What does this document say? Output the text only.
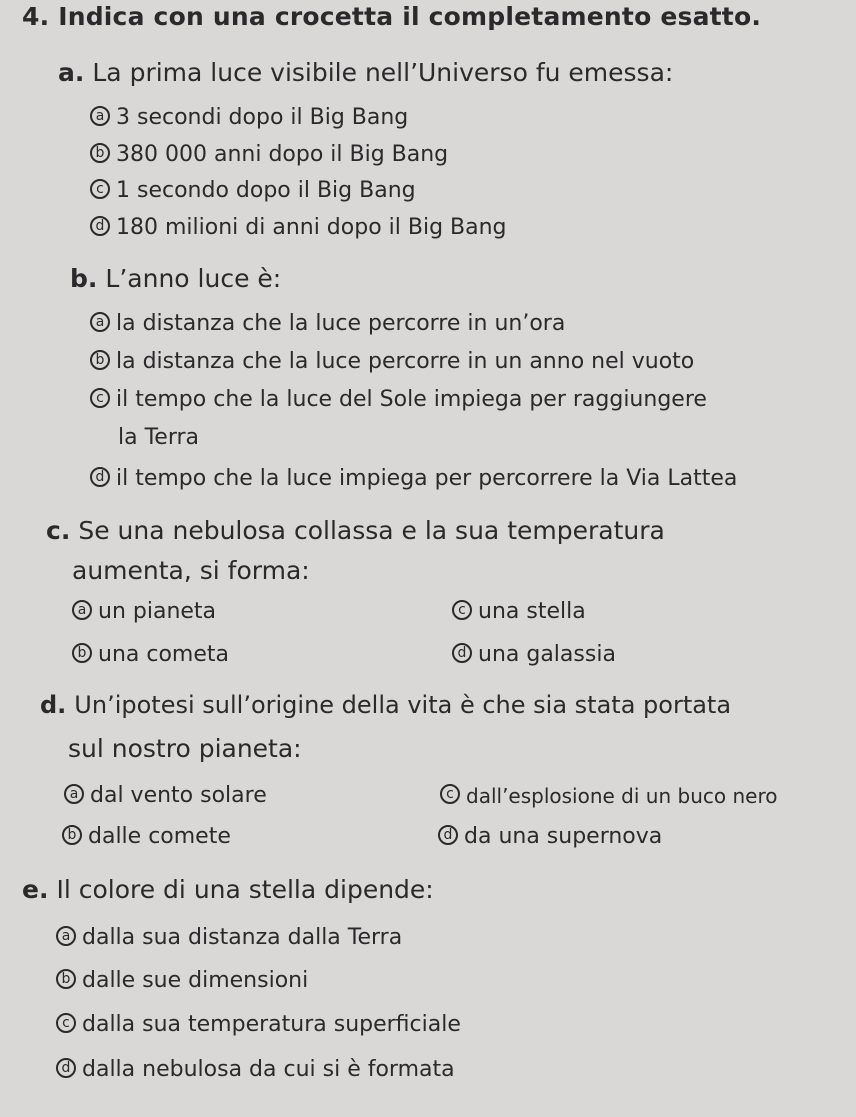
4. Indica con una crocetta il completamento esatto.
a. La prima luce visibile nell’Universo fu emessa:
a 3 secondi dopo il Big Bang
b 380 000 anni dopo il Big Bang
c 1 secondo dopo il Big Bang
d 180 milioni di anni dopo il Big Bang
b. L’anno luce è:
a la distanza che la luce percorre in un’ora
b la distanza che la luce percorre in un anno nel vuoto
c il tempo che la luce del Sole impiega per raggiungere
la Terra
d il tempo che la luce impiega per percorrere la Via Lattea
c. Se una nebulosa collassa e la sua temperatura
aumenta, si forma:
a un pianeta
b una cometa
c una stella
d una galassia
d. Un’ipotesi sull’origine della vita è che sia stata portata
sul nostro pianeta:
a dal vento solare
b dalle comete
c dall’esplosione di un buco nero
d da una supernova
e. Il colore di una stella dipende:
a dalla sua distanza dalla Terra
b dalle sue dimensioni
c dalla sua temperatura superficiale
d dalla nebulosa da cui si è formata
